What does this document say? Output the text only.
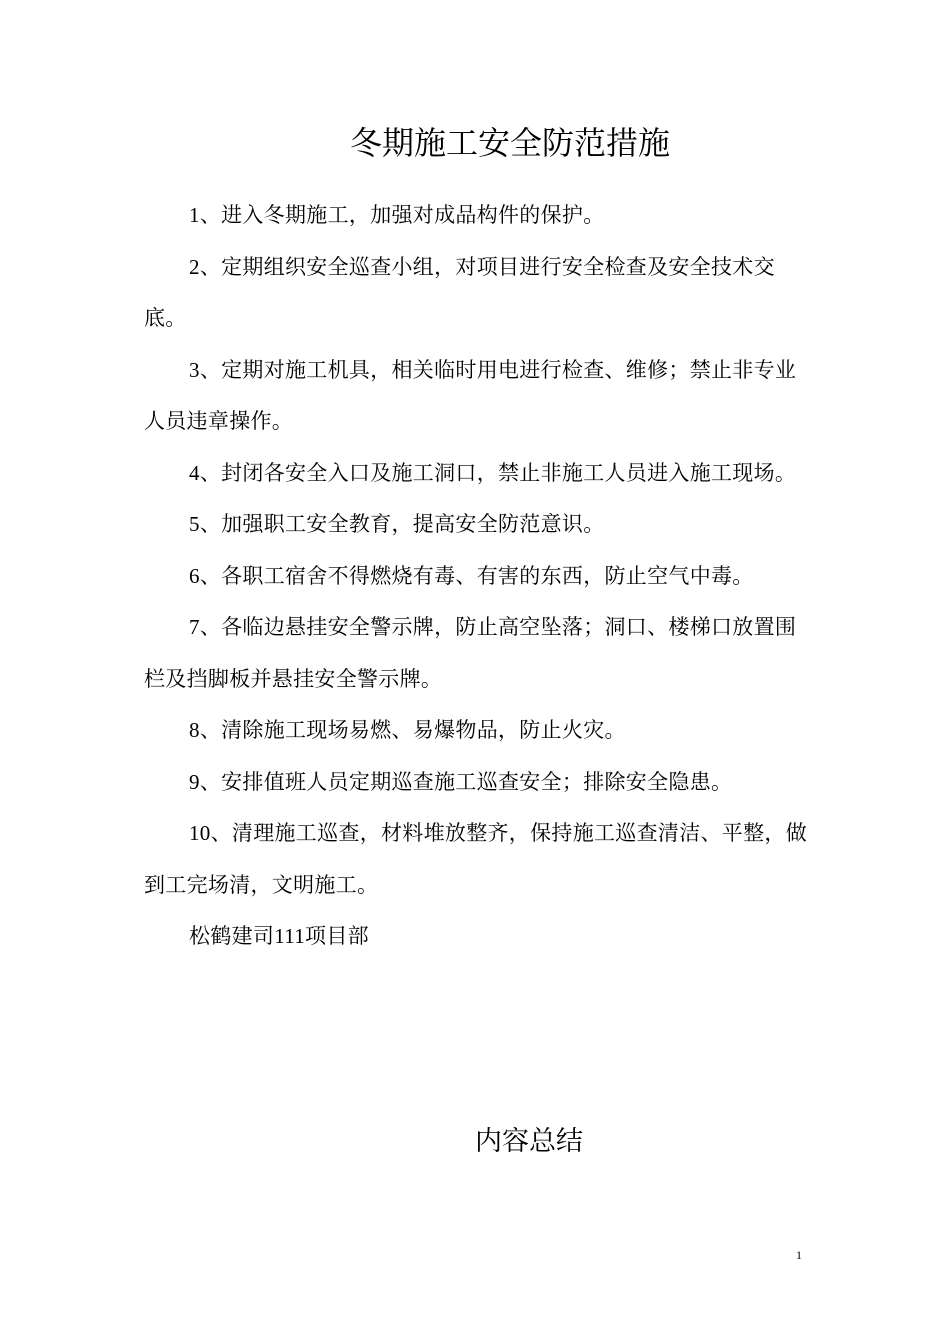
冬期施工安全防范措施

1、进入冬期施工，加强对成品构件的保护。

2、定期组织安全巡查小组，对项目进行安全检查及安全技术交底。

3、定期对施工机具，相关临时用电进行检查、维修；禁止非专业人员违章操作。

4、封闭各安全入口及施工洞口，禁止非施工人员进入施工现场。

5、加强职工安全教育，提高安全防范意识。

6、各职工宿舍不得燃烧有毒、有害的东西，防止空气中毒。

7、各临边悬挂安全警示牌，防止高空坠落；洞口、楼梯口放置围栏及挡脚板并悬挂安全警示牌。

8、清除施工现场易燃、易爆物品，防止火灾。

9、安排值班人员定期巡查施工巡查安全；排除安全隐患。

10、清理施工巡查，材料堆放整齐，保持施工巡查清洁、平整，做到工完场清，文明施工。

松鹤建司111项目部

内容总结
1
